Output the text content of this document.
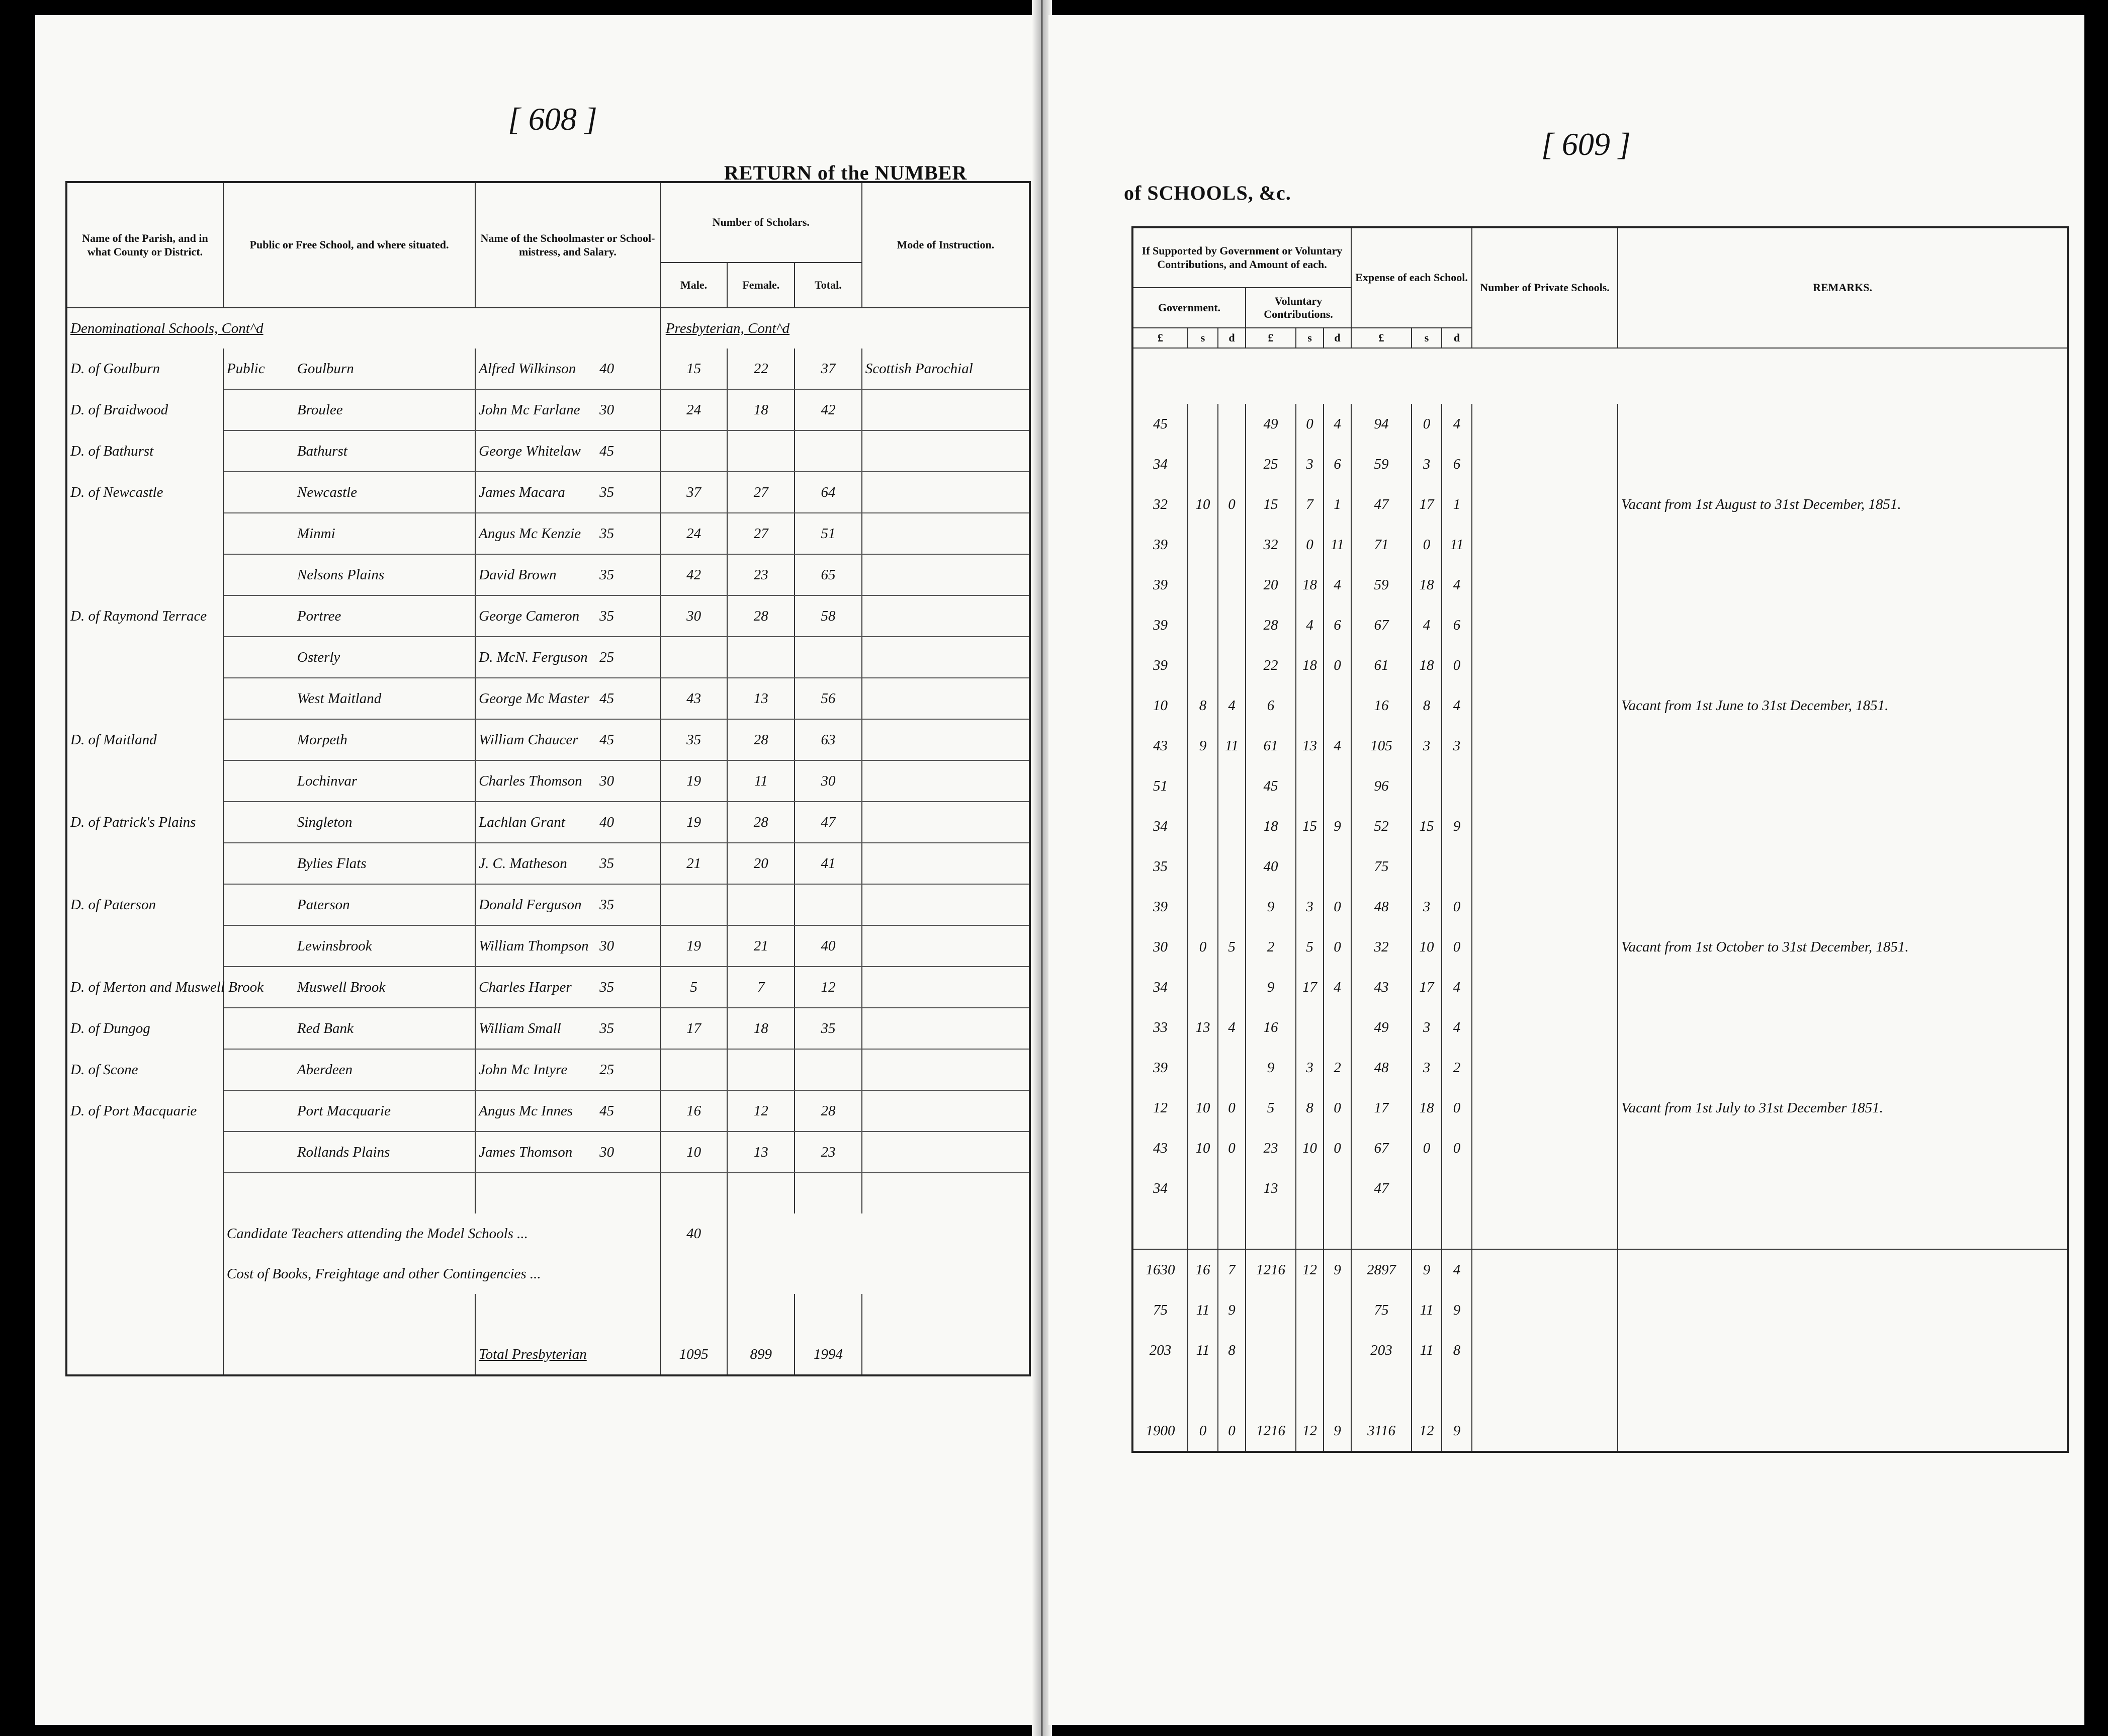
[ 608 ]
RETURN of the NUMBER
Name of the Parish, and in what County or District.	Public or Free School, and where situated.	Name of the Schoolmaster or School-mistress, and Salary.	Number of Scholars.			Mode of Instruction.
			Male.	Female.	Total.	
Denominational Schools, Cont^d			Presbyterian, Cont^d			
D. of Goulburn	Public Goulburn	Alfred Wilkinson 40	15	22	37	Scottish Parochial
D. of Braidwood	Broulee	John Mc Farlane 30	24	18	42	
D. of Bathurst	Bathurst	George Whitelaw 45				
D. of Newcastle	Newcastle	James Macara 35	37	27	64	
	Minmi	Angus Mc Kenzie 35	24	27	51	
	Nelsons Plains	David Brown 35	42	23	65	
D. of Raymond Terrace	Portree	George Cameron 35	30	28	58	
	Osterly	D. McN. Ferguson 25				
	West Maitland	George Mc Master 45	43	13	56	
D. of Maitland	Morpeth	William Chaucer 45	35	28	63	
	Lochinvar	Charles Thomson 30	19	11	30	
D. of Patrick's Plains	Singleton	Lachlan Grant 40	19	28	47	
	Bylies Flats	J. C. Matheson 35	21	20	41	
D. of Paterson	Paterson	Donald Ferguson 35				
	Lewinsbrook	William Thompson 30	19	21	40	
D. of Merton and Muswell Brook	Muswell Brook	Charles Harper 35	5	7	12	
D. of Dungog	Red Bank	William Small 35	17	18	35	
D. of Scone	Aberdeen	John Mc Intyre 25				
D. of Port Macquarie	Port Macquarie	Angus Mc Innes 45	16	12	28	
	Rollands Plains	James Thomson 30	10	13	23	

	Candidate Teachers attending the Model Schools ...		40			
	Cost of Books, Freightage and other Contingencies ...					

		Total Presbyterian	1095	899	1994	
[ 609 ]
of SCHOOLS, &c.
If Supported by Government or Voluntary Contributions, and Amount of each.						Expense of each School.			Number of Private Schools.	REMARKS.
Government.			Voluntary Contributions.							
£	s	d	£	s	d	£	s	d		

45			49	0	4	94	0	4		
34			25	3	6	59	3	6		
32	10	0	15	7	1	47	17	1		Vacant from 1st August to 31st December, 1851.
39			32	0	11	71	0	11		
39			20	18	4	59	18	4		
39			28	4	6	67	4	6		
39			22	18	0	61	18	0		
10	8	4	6			16	8	4		Vacant from 1st June to 31st December, 1851.
43	9	11	61	13	4	105	3	3		
51			45			96				
34			18	15	9	52	15	9		
35			40			75				
39			9	3	0	48	3	0		
30	0	5	2	5	0	32	10	0		Vacant from 1st October to 31st December, 1851.
34			9	17	4	43	17	4		
33	13	4	16			49	3	4		
39			9	3	2	48	3	2		
12	10	0	5	8	0	17	18	0		Vacant from 1st July to 31st December 1851.
43	10	0	23	10	0	67	0	0		
34			13			47				

1630	16	7	1216	12	9	2897	9	4		
75	11	9				75	11	9		
203	11	8				203	11	8		

1900	0	0	1216	12	9	3116	12	9		
